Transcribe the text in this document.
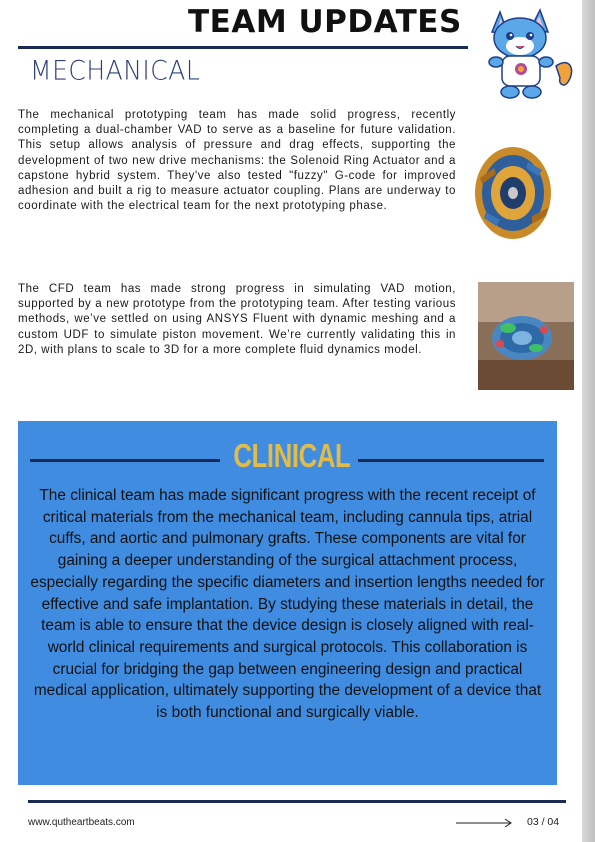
TEAM UPDATES
MECHANICAL

The mechanical prototyping team has made solid progress, recently completing a dual-chamber VAD to serve as a baseline for future validation. This setup allows analysis of pressure and drag effects, supporting the development of two new drive mechanisms: the Solenoid Ring Actuator and a capstone hybrid system. They've also tested "fuzzy" G-code for improved adhesion and built a rig to measure actuator coupling. Plans are underway to coordinate with the electrical team for the next prototyping phase.

The CFD team has made strong progress in simulating VAD motion, supported by a new prototype from the prototyping team. After testing various methods, we’ve settled on using ANSYS Fluent with dynamic meshing and a custom UDF to simulate piston movement. We’re currently validating this in 2D, with plans to scale to 3D for a more complete fluid dynamics model.

CLINICAL
The clinical team has made significant progress with the recent receipt of critical materials from the mechanical team, including cannula tips, atrial cuffs, and aortic and pulmonary grafts. These components are vital for gaining a deeper understanding of the surgical attachment process, especially regarding the specific diameters and insertion lengths needed for effective and safe implantation. By studying these materials in detail, the team is able to ensure that the device design is closely aligned with real-world clinical requirements and surgical protocols. This collaboration is crucial for bridging the gap between engineering design and practical medical application, ultimately supporting the development of a device that is both functional and surgically viable.
www.qutheartbeats.com	03 / 04
